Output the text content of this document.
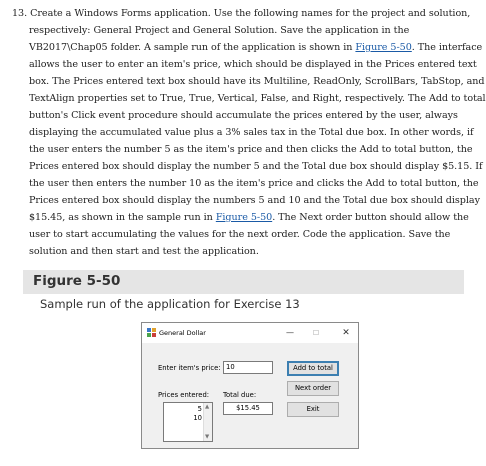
13. Create a Windows Forms application. Use the following names for the project and solution,
respectively: General Project and General Solution. Save the application in the
VB2017\Chap05 folder. A sample run of the application is shown in Figure 5-50. The interface
allows the user to enter an item's price, which should be displayed in the Prices entered text
box. The Prices entered text box should have its Multiline, ReadOnly, ScrollBars, TabStop, and
TextAlign properties set to True, True, Vertical, False, and Right, respectively. The Add to total
button's Click event procedure should accumulate the prices entered by the user, always
displaying the accumulated value plus a 3% sales tax in the Total due box. In other words, if
the user enters the number 5 as the item's price and then clicks the Add to total button, the
Prices entered box should display the number 5 and the Total due box should display $5.15. If
the user then enters the number 10 as the item's price and clicks the Add to total button, the
Prices entered box should display the numbers 5 and 10 and the Total due box should display
$15.45, as shown in the sample run in Figure 5-50. The Next order button should allow the
user to start accumulating the values for the next order. Code the application. Save the
solution and then start and test the application.
Figure 5-50
Sample run of the application for Exercise 13
General Dollar	—	☐	✕
Enter item's price: 10	Add to total
Next order
Prices entered: Total due:
5
10
▲
▼
$15.45	Exit
